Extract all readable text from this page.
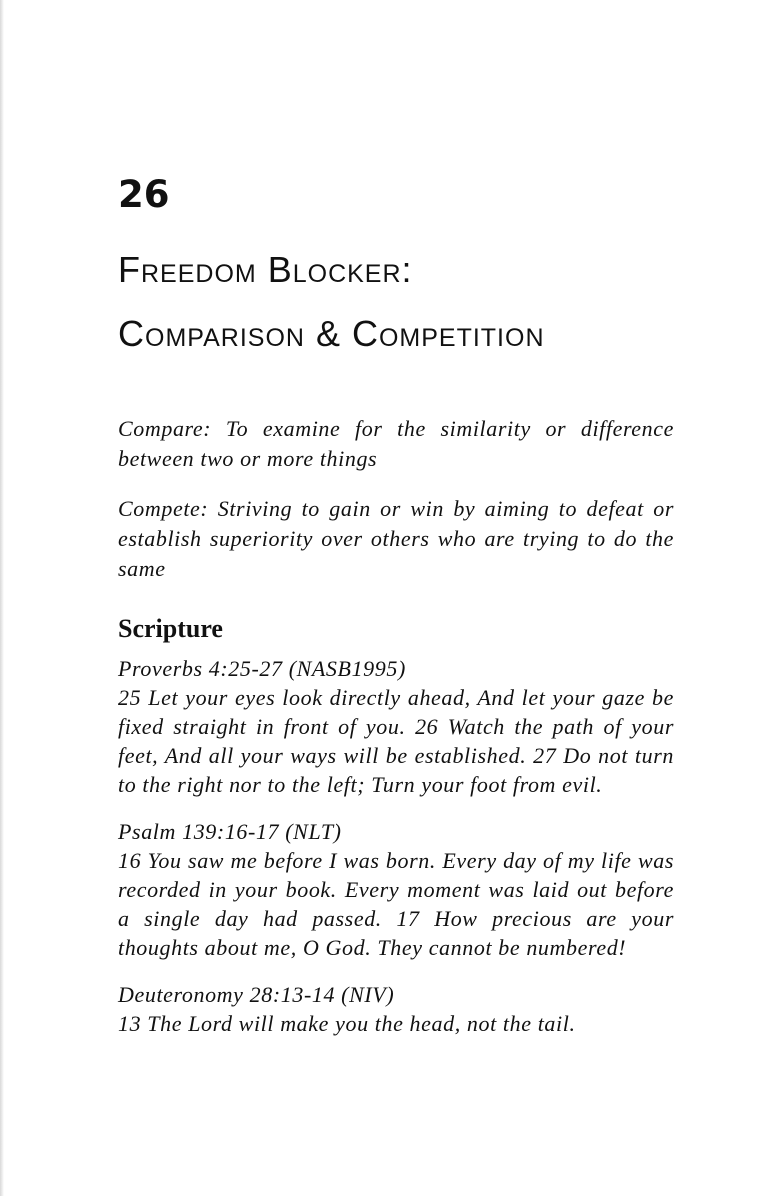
26
Freedom Blocker:
Comparison & Competition

Compare: To examine for the similarity or difference between two or more things

Compete: Striving to gain or win by aiming to defeat or establish superiority over others who are trying to do the same

Scripture
Proverbs 4:25-27 (NASB1995)
25 Let your eyes look directly ahead, And let your gaze be fixed straight in front of you. 26 Watch the path of your feet, And all your ways will be established. 27 Do not turn to the right nor to the left; Turn your foot from evil.
Psalm 139:16-17 (NLT)
16 You saw me before I was born. Every day of my life was recorded in your book. Every moment was laid out before a single day had passed. 17 How precious are your thoughts about me, O God. They cannot be numbered!
Deuteronomy 28:13-14 (NIV)
13 The Lord will make you the head, not the tail.
